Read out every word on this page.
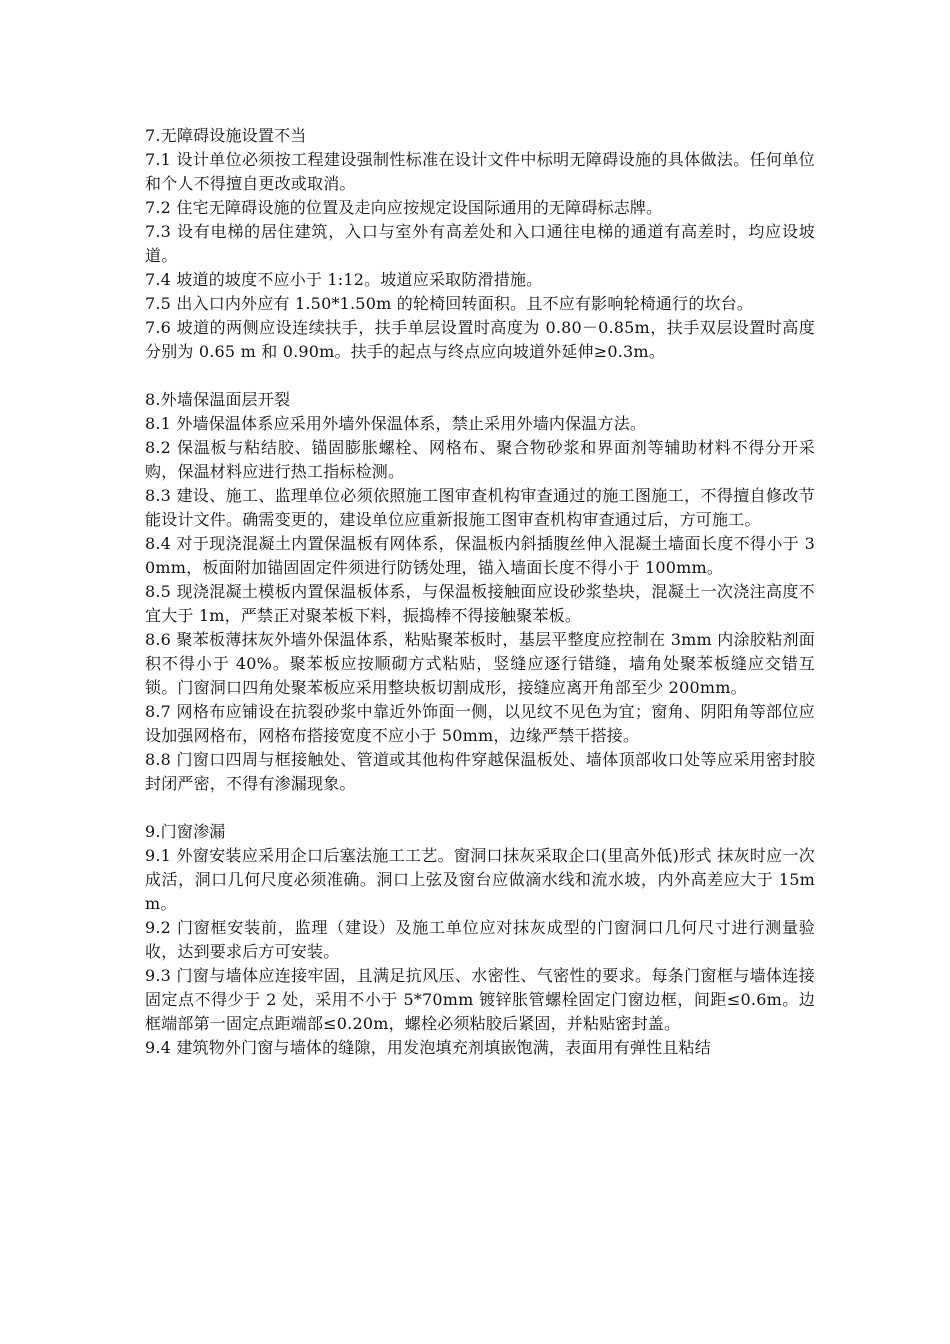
7.无障碍设施设置不当

7.1 设计单位必须按工程建设强制性标准在设计文件中标明无障碍设施的具体做法。任何单位和个人不得擅自更改或取消。

7.2 住宅无障碍设施的位置及走向应按规定设国际通用的无障碍标志牌。

7.3 设有电梯的居住建筑，入口与室外有高差处和入口通往电梯的通道有高差时，均应设坡道。

7.4 坡道的坡度不应小于 1:12。坡道应采取防滑措施。

7.5 出入口内外应有 1.50*1.50m 的轮椅回转面积。且不应有影响轮椅通行的坎台。

7.6 坡道的两侧应设连续扶手，扶手单层设置时高度为 0.80－0.85m，扶手双层设置时高度分别为 0.65 m 和 0.90m。扶手的起点与终点应向坡道外延伸≥0.3m。

8.外墙保温面层开裂

8.1 外墙保温体系应采用外墙外保温体系，禁止采用外墙内保温方法。

8.2 保温板与粘结胶、锚固膨胀螺栓、网格布、聚合物砂浆和界面剂等辅助材料不得分开采购，保温材料应进行热工指标检测。

8.3 建设、施工、监理单位必须依照施工图审查机构审查通过的施工图施工，不得擅自修改节能设计文件。确需变更的，建设单位应重新报施工图审查机构审查通过后，方可施工。

8.4 对于现浇混凝土内置保温板有网体系，保温板内斜插腹丝伸入混凝土墙面长度不得小于 30mm，板面附加锚固固定件须进行防锈处理，锚入墙面长度不得小于 100mm。

8.5 现浇混凝土模板内置保温板体系，与保温板接触面应设砂浆垫块，混凝土一次浇注高度不宜大于 1m，严禁正对聚苯板下料，振捣棒不得接触聚苯板。

8.6 聚苯板薄抹灰外墙外保温体系，粘贴聚苯板时，基层平整度应控制在 3mm 内涂胶粘剂面积不得小于 40%。聚苯板应按顺砌方式粘贴，竖缝应逐行错缝，墙角处聚苯板缝应交错互锁。门窗洞口四角处聚苯板应采用整块板切割成形，接缝应离开角部至少 200mm。

8.7 网格布应铺设在抗裂砂浆中靠近外饰面一侧，以见纹不见色为宜；窗角、阴阳角等部位应设加强网格布，网格布搭接宽度不应小于 50mm，边缘严禁干搭接。

8.8 门窗口四周与框接触处、管道或其他构件穿越保温板处、墙体顶部收口处等应采用密封胶封闭严密，不得有渗漏现象。

9.门窗渗漏

9.1 外窗安装应采用企口后塞法施工工艺。窗洞口抹灰采取企口(里高外低)形式 抹灰时应一次成活，洞口几何尺度必须准确。洞口上弦及窗台应做滴水线和流水坡，内外高差应大于 15mm。

9.2 门窗框安装前，监理（建设）及施工单位应对抹灰成型的门窗洞口几何尺寸进行测量验收，达到要求后方可安装。

9.3 门窗与墙体应连接牢固，且满足抗风压、水密性、气密性的要求。每条门窗框与墙体连接固定点不得少于 2 处，采用不小于 5*70mm 镀锌胀管螺栓固定门窗边框，间距≤0.6m。边框端部第一固定点距端部≤0.20m，螺栓必须粘胶后紧固，并粘贴密封盖。

9.4 建筑物外门窗与墙体的缝隙，用发泡填充剂填嵌饱满，表面用有弹性且粘结
